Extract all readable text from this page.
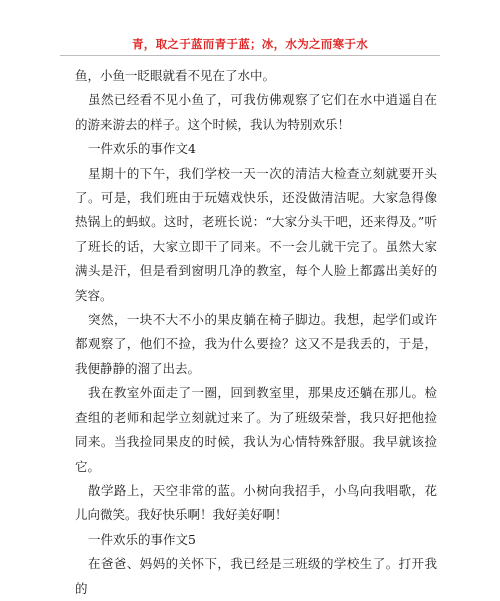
青，取之于蓝而青于蓝；冰，水为之而寒于水

鱼，小鱼一眨眼就看不见在了水中。

虽然已经看不见小鱼了，可我仿佛观察了它们在水中逍遥自在的游来游去的样子。这个时候，我认为特别欢乐！

一件欢乐的事作文4

星期十的下午，我们学校一天一次的清洁大检查立刻就要开头了。可是，我们班由于玩嬉戏快乐，还没做清洁呢。大家急得像热锅上的蚂蚁。这时，老班长说：“大家分头干吧，还来得及。”听了班长的话，大家立即干了同来。不一会儿就干完了。虽然大家满头是汗，但是看到窗明几净的教室，每个人脸上都露出美好的笑容。

突然，一块不大不小的果皮躺在椅子脚边。我想，起学们或许都观察了，他们不捡，我为什么要捡？这又不是我丢的，于是，我便静静的溜了出去。

我在教室外面走了一圈，回到教室里，那果皮还躺在那儿。检查组的老师和起学立刻就过来了。为了班级荣誉，我只好把他捡同来。当我捡同果皮的时候，我认为心情特殊舒服。我早就该捡它。

散学路上，天空非常的蓝。小树向我招手，小鸟向我唱歌，花儿向微笑。我好快乐啊！我好美好啊！

一件欢乐的事作文5

在爸爸、妈妈的关怀下，我已经是三班级的学校生了。打开我的
